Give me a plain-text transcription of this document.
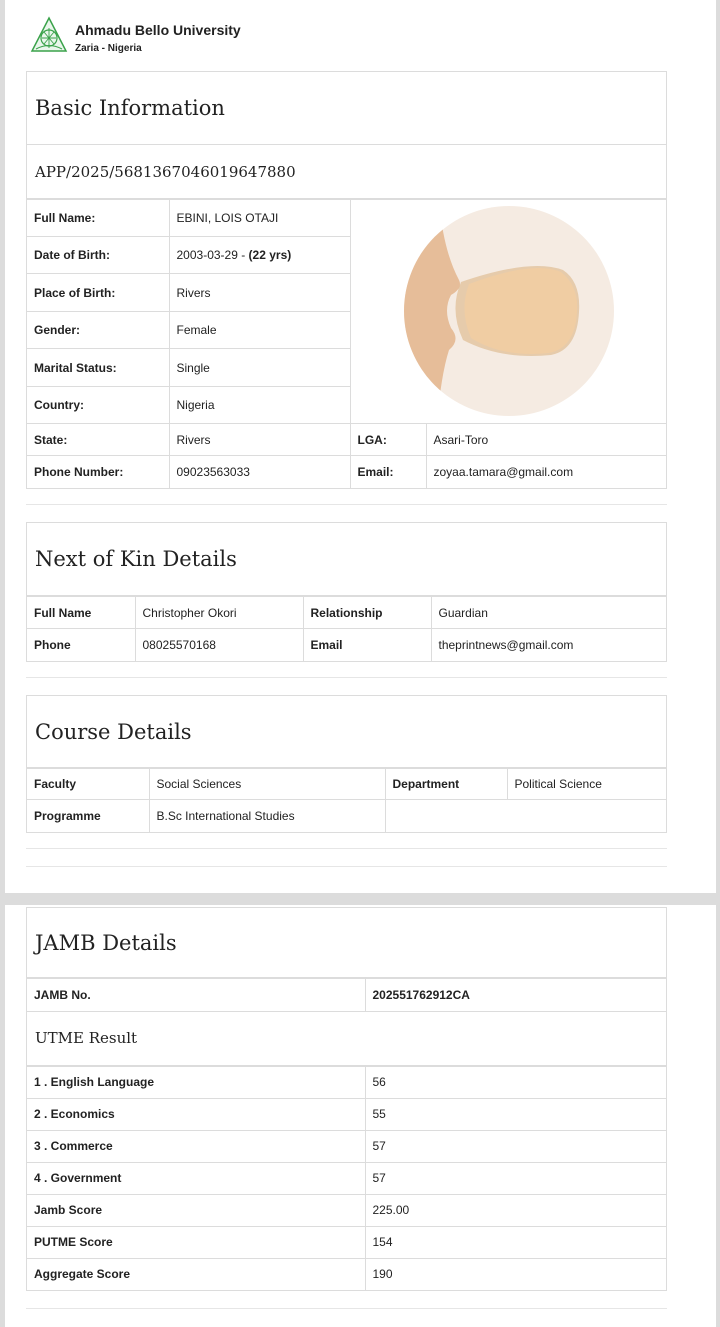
Ahmadu Bello University
Zaria - Nigeria
Basic Information
APP/2025/5681367046019647880
Full Name:	EBINI, LOIS OTAJI	

Date of Birth:	2003-03-29 - (22 yrs)		
Place of Birth:	Rivers		
Gender:	Female		
Marital Status:	Single		
Country:	Nigeria		
State:	Rivers	LGA:	Asari-Toro
Phone Number:	09023563033	Email:	zoyaa.tamara@gmail.com
Next of Kin Details
Full Name	Christopher Okori	Relationship	Guardian
Phone	08025570168	Email	theprintnews@gmail.com
Course Details
Faculty	Social Sciences	Department	Political Science
Programme	B.Sc International Studies		
JAMB Details
JAMB No.	202551762912CA
UTME Result
1 . English Language	56
2 . Economics	55
3 . Commerce	57
4 . Government	57
Jamb Score	225.00
PUTME Score	154
Aggregate Score	190
